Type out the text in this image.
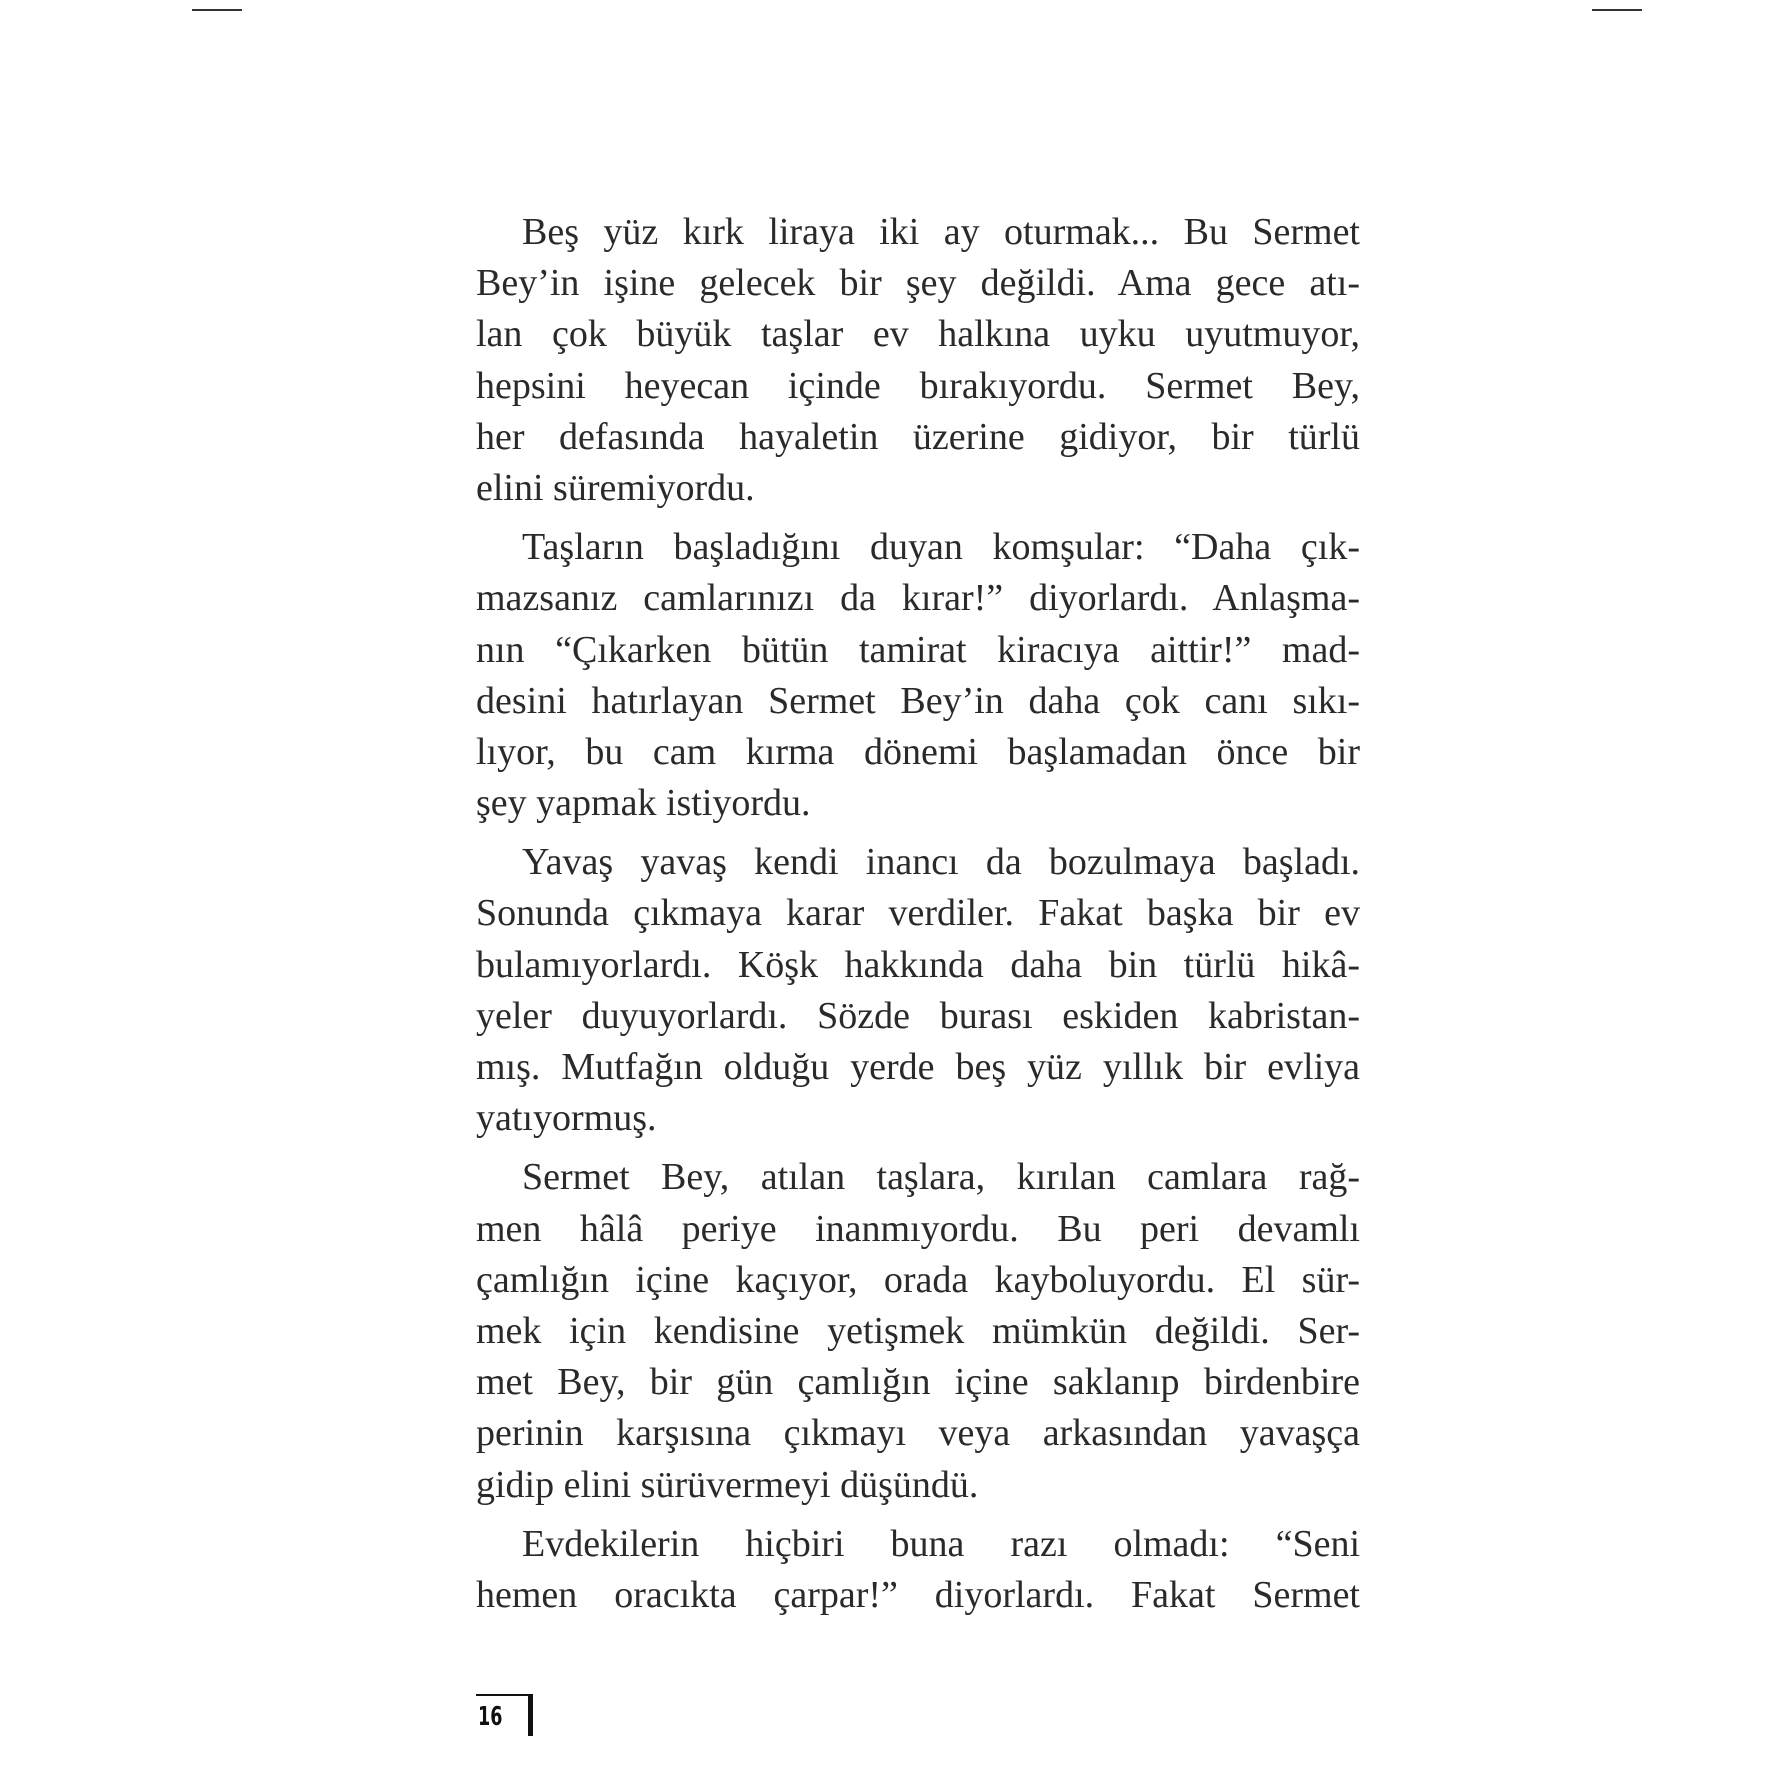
Beş yüz kırk liraya iki ay oturmak... Bu Sermet
Bey’in işine gelecek bir şey değildi. Ama gece atı-
lan çok büyük taşlar ev halkına uyku uyutmuyor,
hepsini heyecan içinde bırakıyordu. Sermet Bey,
her defasında hayaletin üzerine gidiyor, bir türlü
elini süremiyordu.
Taşların başladığını duyan komşular: “Daha çık-
mazsanız camlarınızı da kırar!” diyorlardı. Anlaşma-
nın “Çıkarken bütün tamirat kiracıya aittir!” mad-
desini hatırlayan Sermet Bey’in daha çok canı sıkı-
lıyor, bu cam kırma dönemi başlamadan önce bir
şey yapmak istiyordu.
Yavaş yavaş kendi inancı da bozulmaya başladı.
Sonunda çıkmaya karar verdiler. Fakat başka bir ev
bulamıyorlardı. Köşk hakkında daha bin türlü hikâ-
yeler duyuyorlardı. Sözde burası eskiden kabristan-
mış. Mutfağın olduğu yerde beş yüz yıllık bir evliya
yatıyormuş.
Sermet Bey, atılan taşlara, kırılan camlara rağ-
men hâlâ periye inanmıyordu. Bu peri devamlı
çamlığın içine kaçıyor, orada kayboluyordu. El sür-
mek için kendisine yetişmek mümkün değildi. Ser-
met Bey, bir gün çamlığın içine saklanıp birdenbire
perinin karşısına çıkmayı veya arkasından yavaşça
gidip elini sürüvermeyi düşündü.
Evdekilerin hiçbiri buna razı olmadı: “Seni
hemen oracıkta çarpar!” diyorlardı. Fakat Sermet
16
